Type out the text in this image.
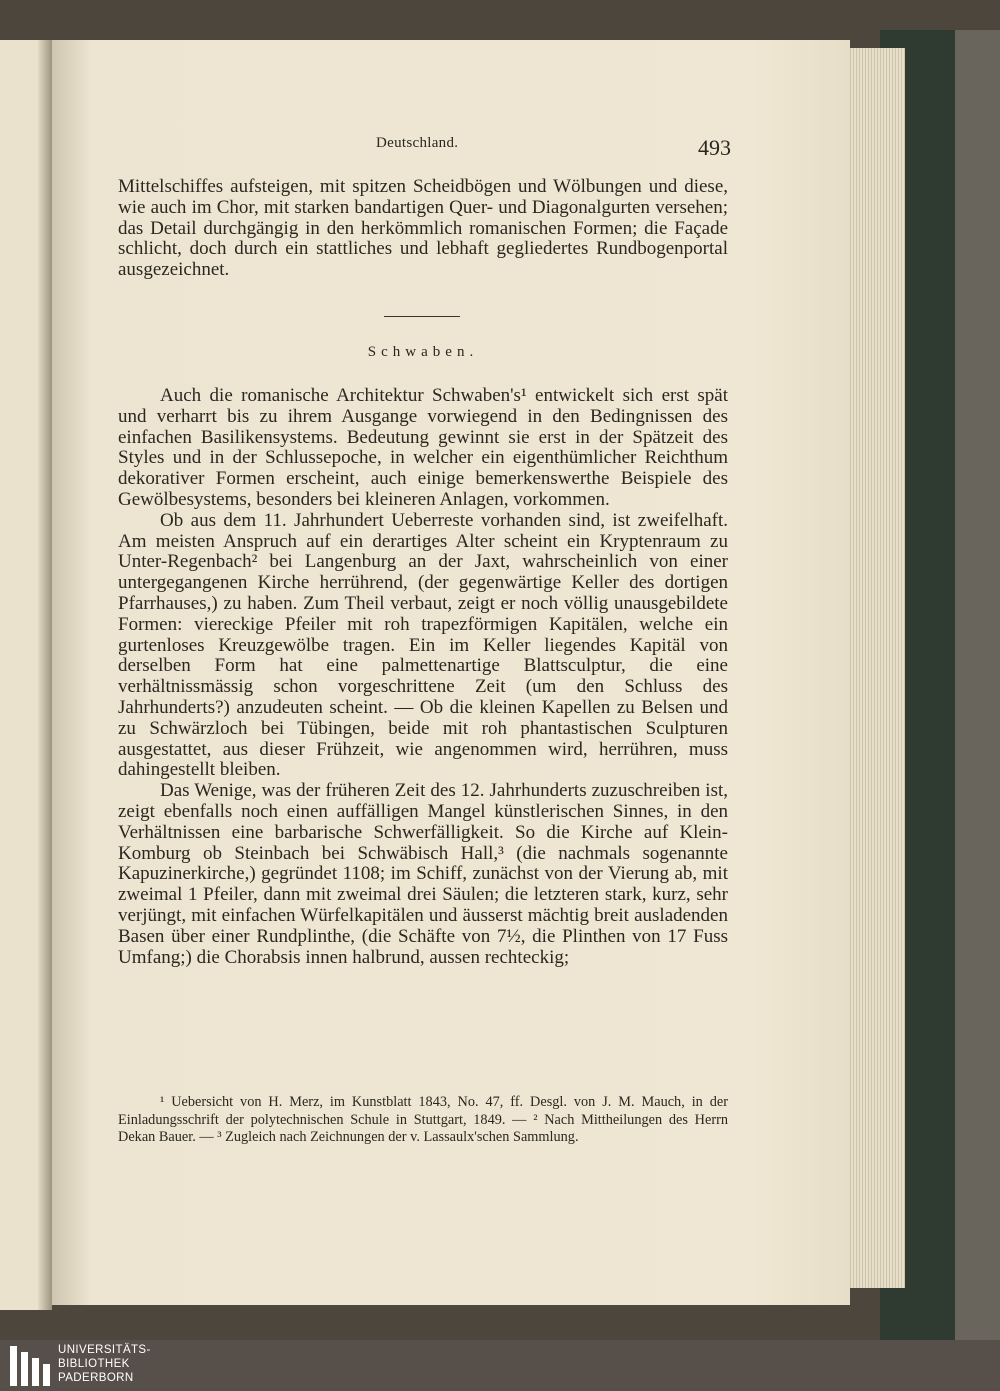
Deutschland.	493

Mittelschiffes aufsteigen, mit spitzen Scheidbögen und Wölbungen und diese, wie auch im Chor, mit starken bandartigen Quer- und Diagonalgurten versehen; das Detail durchgängig in den herkömmlich romanischen Formen; die Façade schlicht, doch durch ein stattliches und lebhaft gegliedertes Rundbogenportal ausgezeichnet.

Schwaben.

Auch die romanische Architektur Schwaben's¹ entwickelt sich erst spät und verharrt bis zu ihrem Ausgange vorwiegend in den Bedingnissen des einfachen Basilikensystems. Bedeutung gewinnt sie erst in der Spätzeit des Styles und in der Schlussepoche, in welcher ein eigenthümlicher Reichthum dekorativer Formen erscheint, auch einige bemerkenswerthe Beispiele des Gewölbesystems, besonders bei kleineren Anlagen, vorkommen.

Ob aus dem 11. Jahrhundert Ueberreste vorhanden sind, ist zweifelhaft. Am meisten Anspruch auf ein derartiges Alter scheint ein Kryptenraum zu Unter-Regenbach² bei Langenburg an der Jaxt, wahrscheinlich von einer untergegangenen Kirche herrührend, (der gegenwärtige Keller des dortigen Pfarrhauses,) zu haben. Zum Theil verbaut, zeigt er noch völlig unausgebildete Formen: viereckige Pfeiler mit roh trapezförmigen Kapitälen, welche ein gurtenloses Kreuzgewölbe tragen. Ein im Keller liegendes Kapitäl von derselben Form hat eine palmettenartige Blattsculptur, die eine verhältnissmässig schon vorgeschrittene Zeit (um den Schluss des Jahrhunderts?) anzudeuten scheint. — Ob die kleinen Kapellen zu Belsen und zu Schwärzloch bei Tübingen, beide mit roh phantastischen Sculpturen ausgestattet, aus dieser Frühzeit, wie angenommen wird, herrühren, muss dahingestellt bleiben.

Das Wenige, was der früheren Zeit des 12. Jahrhunderts zuzuschreiben ist, zeigt ebenfalls noch einen auffälligen Mangel künstlerischen Sinnes, in den Verhältnissen eine barbarische Schwerfälligkeit. So die Kirche auf Klein-Komburg ob Steinbach bei Schwäbisch Hall,³ (die nachmals sogenannte Kapuzinerkirche,) gegründet 1108; im Schiff, zunächst von der Vierung ab, mit zweimal 1 Pfeiler, dann mit zweimal drei Säulen; die letzteren stark, kurz, sehr verjüngt, mit einfachen Würfelkapitälen und äusserst mächtig breit ausladenden Basen über einer Rundplinthe, (die Schäfte von 7½, die Plinthen von 17 Fuss Umfang;) die Chorabsis innen halbrund, aussen rechteckig;

¹ Uebersicht von H. Merz, im Kunstblatt 1843, No. 47, ff. Desgl. von J. M. Mauch, in der Einladungsschrift der polytechnischen Schule in Stuttgart, 1849. — ² Nach Mittheilungen des Herrn Dekan Bauer. — ³ Zugleich nach Zeichnungen der v. Lassaulx'schen Sammlung.

UNIVERSITÄTS-
BIBLIOTHEK
PADERBORN
